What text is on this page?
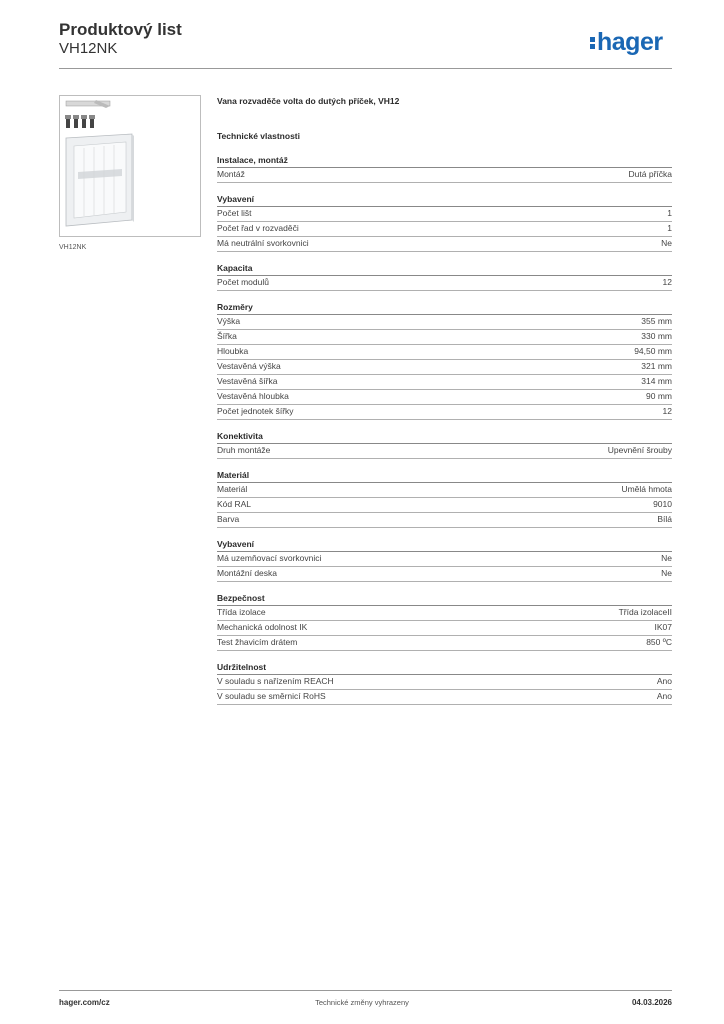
Produktový list
VH12NK	hager
VH12NK
Vana rozvaděče volta do dutých příček, VH12
Technické vlastnosti
Instalace, montáž
Montáž	Dutá příčka
Vybavení
Počet lišt	1
Počet řad v rozvaděči	1
Má neutrální svorkovnici	Ne
Kapacita
Počet modulů	12
Rozměry
Výška	355 mm
Šířka	330 mm
Hloubka	94,50 mm
Vestavěná výška	321 mm
Vestavěná šířka	314 mm
Vestavěná hloubka	90 mm
Počet jednotek šířky	12
Konektivita
Druh montáže	Upevnění šrouby
Materiál
Materiál	Umělá hmota
Kód RAL	9010
Barva	Bílá
Vybavení
Má uzemňovací svorkovnici	Ne
Montážní deska	Ne
Bezpečnost
Třída izolace	Třída izolaceII
Mechanická odolnost IK	IK07
Test žhavicím drátem	850 ºC
Udržitelnost
V souladu s nařízením REACH	Ano
V souladu se směrnicí RoHS	Ano
hager.com/cz	Technické změny vyhrazeny	04.03.2026
